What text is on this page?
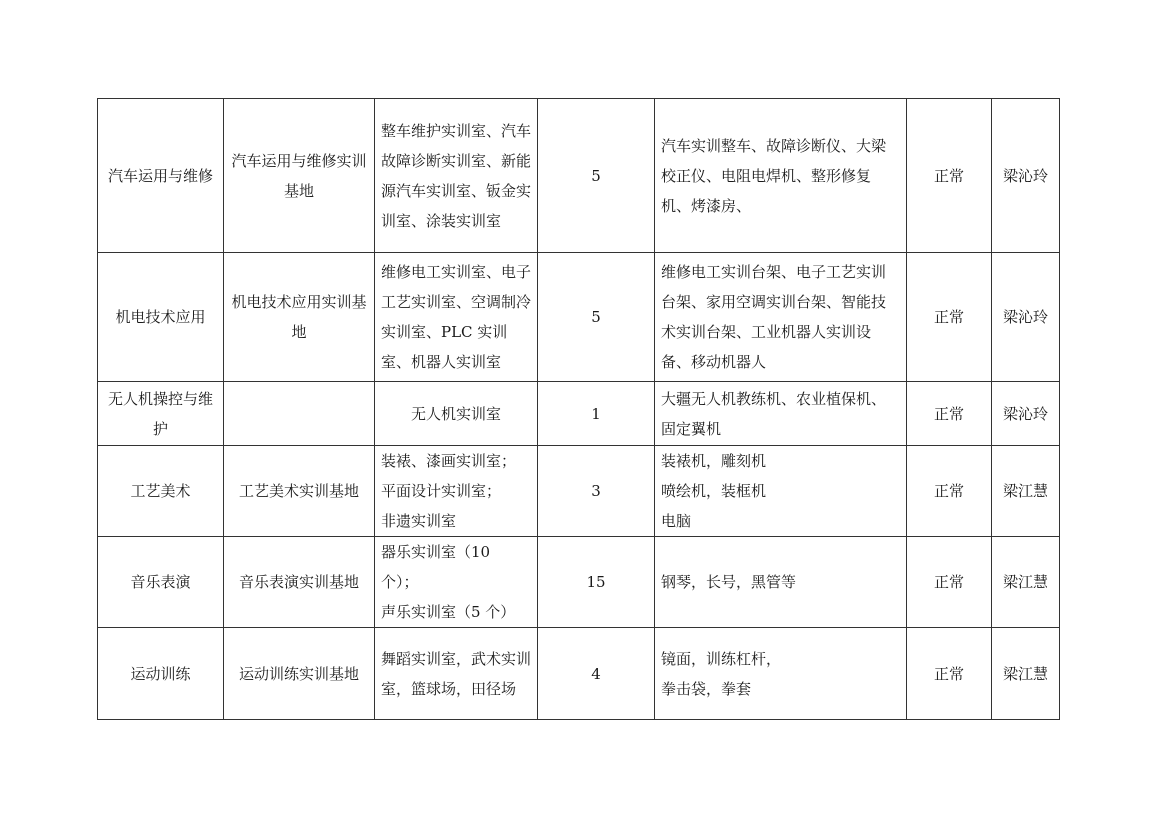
汽车运用与维修	汽车运用与维修实训基地	整车维护实训室、汽车故障诊断实训室、新能源汽车实训室、钣金实训室、涂装实训室	5	汽车实训整车、故障诊断仪、大梁校正仪、电阻电焊机、整形修复机、烤漆房、	正常	梁沁玲
机电技术应用	机电技术应用实训基地	维修电工实训室、电子工艺实训室、空调制冷实训室、PLC 实训室、机器人实训室	5	维修电工实训台架、电子工艺实训台架、家用空调实训台架、智能技术实训台架、工业机器人实训设备、移动机器人	正常	梁沁玲
无人机操控与维护		无人机实训室	1	大疆无人机教练机、农业植保机、固定翼机	正常	梁沁玲
工艺美术	工艺美术实训基地	装裱、漆画实训室；
平面设计实训室；
非遗实训室	3	装裱机，雕刻机
喷绘机，装框机
电脑	正常	梁江慧
音乐表演	音乐表演实训基地	器乐实训室（10 个）；
声乐实训室（5 个）	15	钢琴，长号，黑管等	正常	梁江慧
运动训练	运动训练实训基地	舞蹈实训室，武术实训室，篮球场，田径场	4	镜面，训练杠杆，
拳击袋，拳套	正常	梁江慧
